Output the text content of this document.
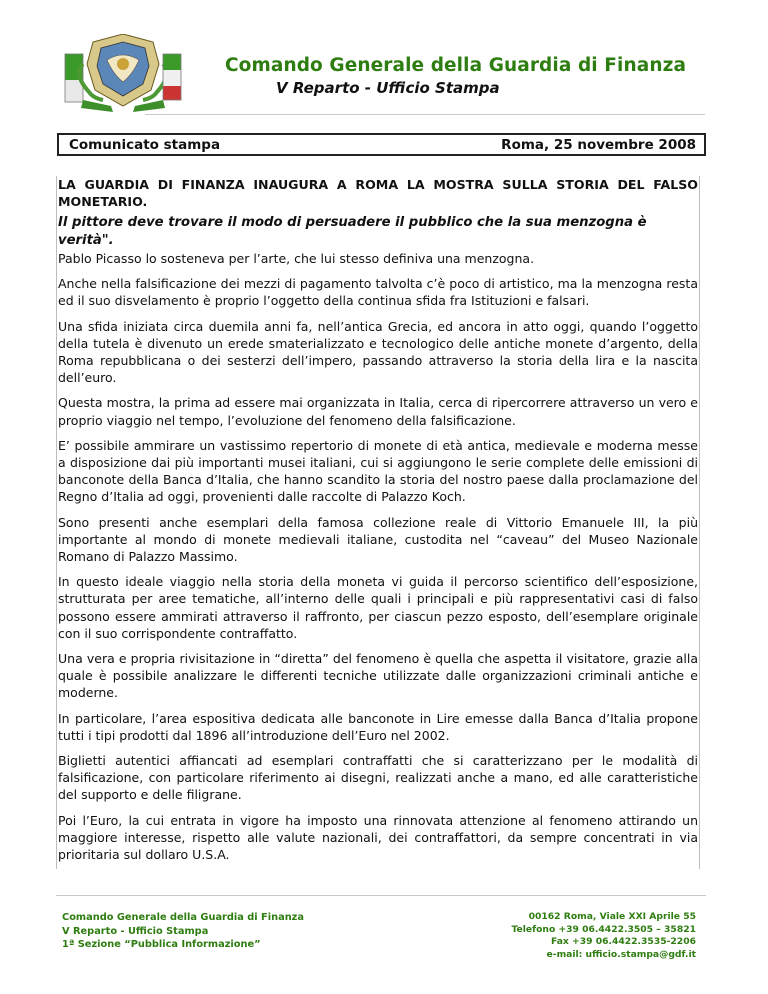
Comando Generale della Guardia di Finanza
V Reparto - Ufficio Stampa
Comunicato stampa	Roma, 25 novembre 2008

LA GUARDIA DI FINANZA INAUGURA A ROMA LA MOSTRA SULLA STORIA DEL FALSO MONETARIO.

Il pittore deve trovare il modo di persuadere il pubblico che la sua menzogna è verità".

Pablo Picasso lo sosteneva per l’arte, che lui stesso definiva una menzogna.

Anche nella falsificazione dei mezzi di pagamento talvolta c’è poco di artistico, ma la menzogna resta ed il suo disvelamento è proprio l’oggetto della continua sfida fra Istituzioni e falsari.

Una sfida iniziata circa duemila anni fa, nell’antica Grecia, ed ancora in atto oggi, quando l’oggetto della tutela è divenuto un erede smaterializzato e tecnologico delle antiche monete d’argento, della Roma repubblicana o dei sesterzi dell’impero, passando attraverso la storia della lira e la nascita dell’euro.

Questa mostra, la prima ad essere mai organizzata in Italia, cerca di ripercorrere attraverso un vero e proprio viaggio nel tempo, l’evoluzione del fenomeno della falsificazione.

E’ possibile ammirare un vastissimo repertorio di monete di età antica, medievale e moderna messe a disposizione dai più importanti musei italiani, cui si aggiungono le serie complete delle emissioni di banconote della Banca d’Italia, che hanno scandito la storia del nostro paese dalla proclamazione del Regno d’Italia ad oggi, provenienti dalle raccolte di Palazzo Koch.

Sono presenti anche esemplari della famosa collezione reale di Vittorio Emanuele III, la più importante al mondo di monete medievali italiane, custodita nel “caveau” del Museo Nazionale Romano di Palazzo Massimo.

In questo ideale viaggio nella storia della moneta vi guida il percorso scientifico dell’esposizione, strutturata per aree tematiche, all’interno delle quali i principali e più rappresentativi casi di falso possono essere ammirati attraverso il raffronto, per ciascun pezzo esposto, dell’esemplare originale con il suo corrispondente contraffatto.

Una vera e propria rivisitazione in “diretta” del fenomeno è quella che aspetta il visitatore, grazie alla quale è possibile analizzare le differenti tecniche utilizzate dalle organizzazioni criminali antiche e moderne.

In particolare, l’area espositiva dedicata alle banconote in Lire emesse dalla Banca d’Italia propone tutti i tipi prodotti dal 1896 all’introduzione dell’Euro nel 2002.

Biglietti autentici affiancati ad esemplari contraffatti che si caratterizzano per le modalità di falsificazione, con particolare riferimento ai disegni, realizzati anche a mano, ed alle caratteristiche del supporto e delle filigrane.

Poi l’Euro, la cui entrata in vigore ha imposto una rinnovata attenzione al fenomeno attirando un maggiore interesse, rispetto alle valute nazionali, dei contraffattori, da sempre concentrati in via prioritaria sul dollaro U.S.A.

Comando Generale della Guardia di Finanza
V Reparto - Ufficio Stampa
1ª Sezione “Pubblica Informazione”
00162 Roma, Viale XXI Aprile 55
Telefono +39 06.4422.3505 – 35821
Fax +39 06.4422.3535-2206
e-mail: ufficio.stampa@gdf.it
